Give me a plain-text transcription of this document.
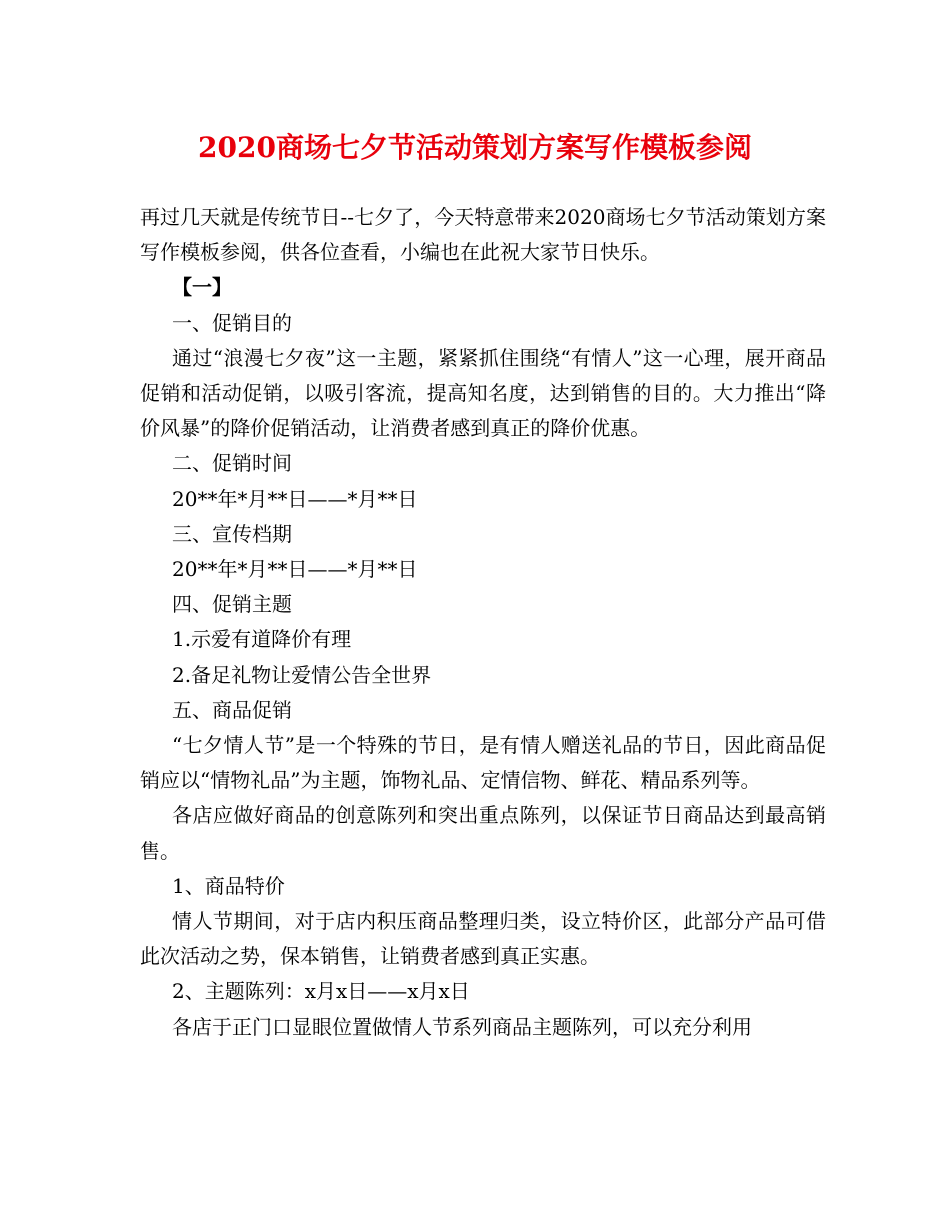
2020商场七夕节活动策划方案写作模板参阅

再过几天就是传统节日--七夕了，今天特意带来2020商场七夕节活动策划方案写作模板参阅，供各位查看，小编也在此祝大家节日快乐。

【一】

一、促销目的

通过“浪漫七夕夜”这一主题，紧紧抓住围绕“有情人”这一心理，展开商品促销和活动促销，以吸引客流，提高知名度，达到销售的目的。大力推出“降价风暴”的降价促销活动，让消费者感到真正的降价优惠。

二、促销时间

20**年*月**日——*月**日

三、宣传档期

20**年*月**日——*月**日

四、促销主题

1.示爱有道降价有理

2.备足礼物让爱情公告全世界

五、商品促销

“七夕情人节”是一个特殊的节日，是有情人赠送礼品的节日，因此商品促销应以“情物礼品”为主题，饰物礼品、定情信物、鲜花、精品系列等。

各店应做好商品的创意陈列和突出重点陈列，以保证节日商品达到最高销售。

1、商品特价

情人节期间，对于店内积压商品整理归类，设立特价区，此部分产品可借此次活动之势，保本销售，让销费者感到真正实惠。

2、主题陈列：x月x日——x月x日

各店于正门口显眼位置做情人节系列商品主题陈列，可以充分利用
